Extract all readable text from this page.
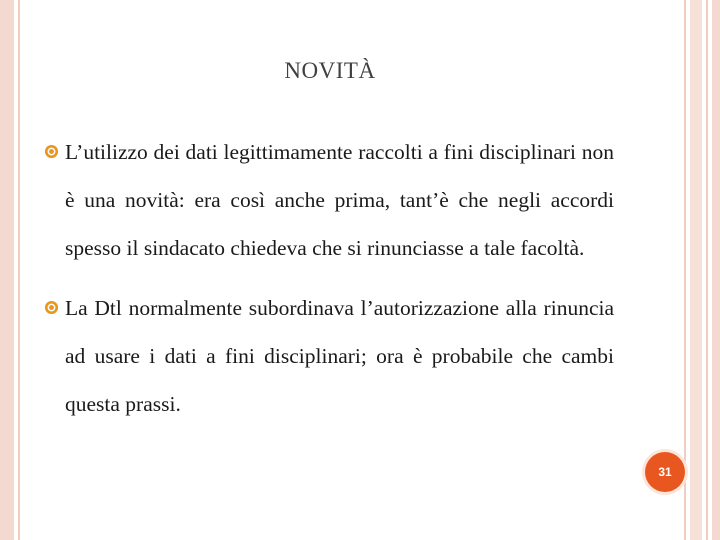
NOVITÀ
L’utilizzo dei dati legittimamente raccolti a fini disciplinari non è una novità: era così anche prima, tant’è che negli accordi spesso il sindacato chiedeva che si rinunciasse a tale facoltà.
La Dtl normalmente subordinava l’autorizzazione alla rinuncia ad usare i dati a fini disciplinari; ora è probabile che cambi questa prassi.
31
